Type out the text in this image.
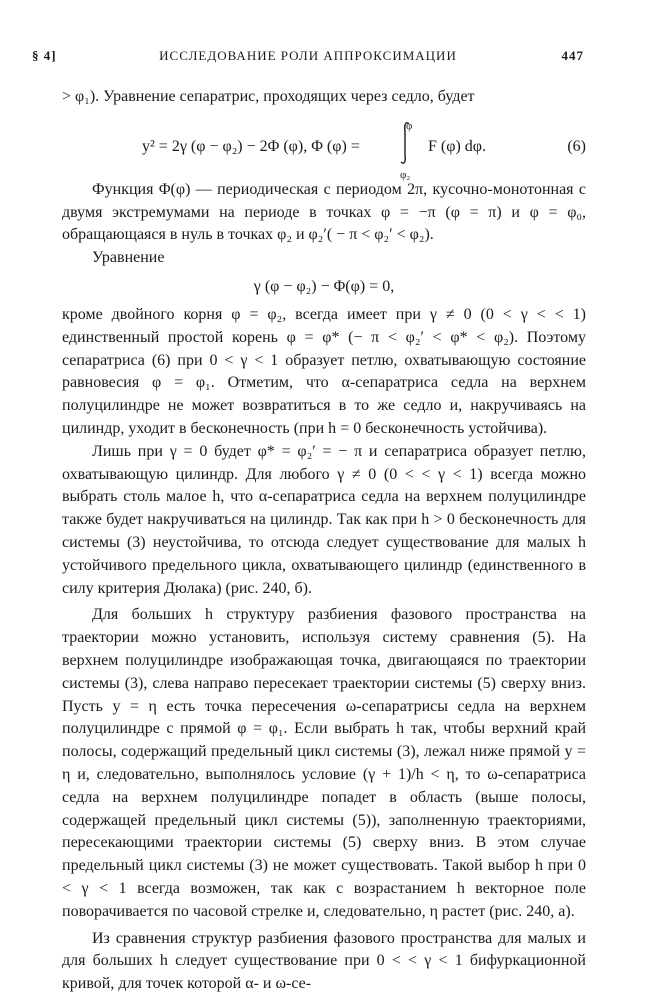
§ 4]	ИССЛЕДОВАНИЕ РОЛИ АППРОКСИМАЦИИ	447

> φ₁). Уравнение сепаратрис, проходящих через седло, будет

y² = 2γ (φ − φ₂) − 2Φ (φ), Φ (φ) =
φ
φ₂
F (φ) dφ.	(6)

Функция Φ(φ) — периодическая с периодом 2π, кусочно-монотонная с двумя экстремумами на периоде в точках φ = −π (φ = π) и φ = φ₀, обращающаяся в нуль в точках φ₂ и φ₂′( − π < φ₂′ < φ₂).

Уравнение

γ (φ − φ₂) − Φ(φ) = 0,

кроме двойного корня φ = φ₂, всегда имеет при γ ≠ 0 (0 < γ < < 1) единственный простой корень φ = φ* (− π < φ₂′ < φ* < φ₂). Поэтому сепаратриса (6) при 0 < γ < 1 образует петлю, охватывающую состояние равновесия φ = φ₁. Отметим, что α-сепаратриса седла на верхнем полуцилиндре не может возвратиться в то же седло и, накручиваясь на цилиндр, уходит в бесконечность (при h = 0 бесконечность устойчива).

Лишь при γ = 0 будет φ* = φ₂′ = − π и сепаратриса образует петлю, охватывающую цилиндр. Для любого γ ≠ 0 (0 < < γ < 1) всегда можно выбрать столь малое h, что α-сепаратриса седла на верхнем полуцилиндре также будет накручиваться на цилиндр. Так как при h > 0 бесконечность для системы (3) неустойчива, то отсюда следует существование для малых h устойчивого предельного цикла, охватывающего цилиндр (единственного в силу критерия Дюлака) (рис. 240, б).

Для больших h структуру разбиения фазового пространства на траектории можно установить, используя систему сравнения (5). На верхнем полуцилиндре изображающая точка, двигающаяся по траектории системы (3), слева направо пересекает траектории системы (5) сверху вниз. Пусть y = η есть точка пересечения ω-сепаратрисы седла на верхнем полуцилиндре с прямой φ = φ₁. Если выбрать h так, чтобы верхний край полосы, содержащий предельный цикл системы (3), лежал ниже прямой y = η и, следовательно, выполнялось условие (γ + 1)/h < η, то ω-сепаратриса седла на верхнем полуцилиндре попадет в область (выше полосы, содержащей предельный цикл системы (5)), заполненную траекториями, пересекающими траектории системы (5) сверху вниз. В этом случае предельный цикл системы (3) не может существовать. Такой выбор h при 0 < γ < 1 всегда возможен, так как с возрастанием h векторное поле поворачивается по часовой стрелке и, следовательно, η растет (рис. 240, а).

Из сравнения структур разбиения фазового пространства для малых и для больших h следует существование при 0 < < γ < 1 бифуркационной кривой, для точек которой α- и ω-се-
